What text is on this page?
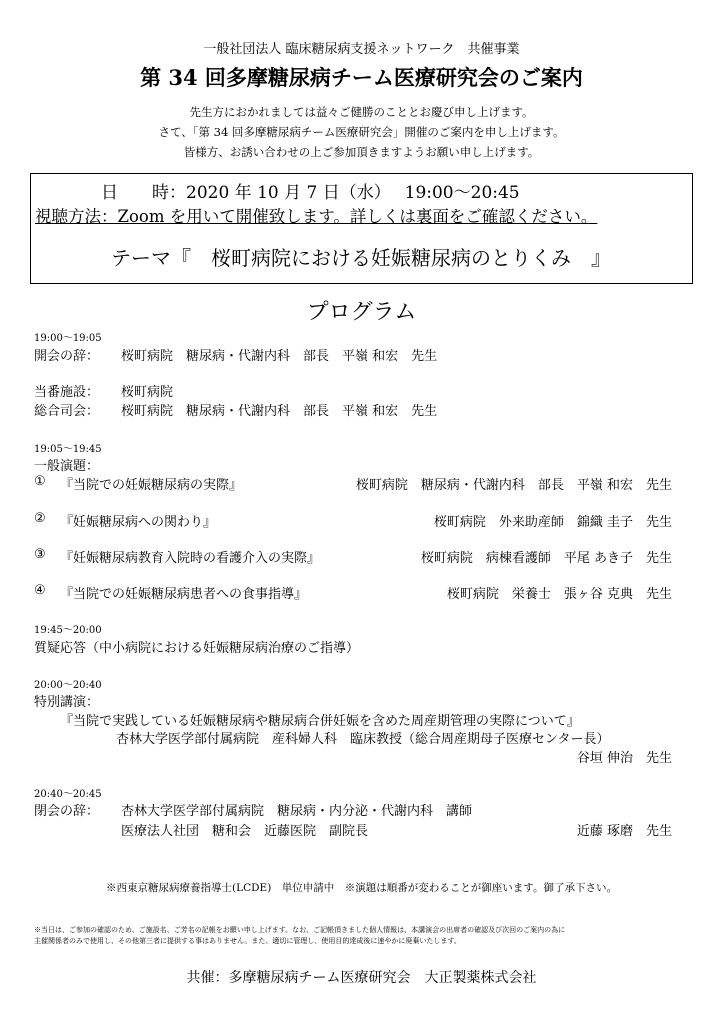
一般社団法人 臨床糖尿病支援ネットワーク　共催事業
第 34 回多摩糖尿病チーム医療研究会のご案内
先生方におかれましては益々ご健勝のこととお慶び申し上げます。
さて、「第 34 回多摩糖尿病チーム医療研究会」開催のご案内を申し上げます。
皆様方、お誘い合わせの上ご参加頂きますようお願い申し上げます。
日　　時： 2020 年 10 月 7 日（水）　 19:00～20:45
視聴方法：Zoom を用いて開催致します。詳しくは裏面をご確認ください。
テーマ『　桜町病院における妊娠糖尿病のとりくみ　』
プログラム
19:00～19:05
開会の辞： 桜町病院　糖尿病・代謝内科　部長　平嶺 和宏　先生
当番施設： 桜町病院
総合司会： 桜町病院　糖尿病・代謝内科　部長　平嶺 和宏　先生
19:05～19:45
一般演題：
① 『当院での妊娠糖尿病の実際』	桜町病院　糖尿病・代謝内科　部長　平嶺 和宏　先生
② 『妊娠糖尿病への関わり』	桜町病院　外来助産師　錦織 圭子　先生
③ 『妊娠糖尿病教育入院時の看護介入の実際』	桜町病院　病棟看護師　平尾 あき子　先生
④ 『当院での妊娠糖尿病患者への食事指導』	桜町病院　栄養士　張ヶ谷 克典　先生
19:45～20:00
質疑応答（中小病院における妊娠糖尿病治療のご指導）
20:00～20:40
特別講演：
『当院で実践している妊娠糖尿病や糖尿病合併妊娠を含めた周産期管理の実際について』
杏林大学医学部付属病院　産科婦人科　臨床教授（総合周産期母子医療センター長）
谷垣 伸治　先生
20:40～20:45
閉会の辞： 杏林大学医学部付属病院　糖尿病・内分泌・代謝内科　講師
医療法人社団　糖和会　近藤医院　副院長	近藤 琢磨　先生
※西東京糖尿病療養指導士(LCDE)　単位申請中　※演題は順番が変わることが御座います。御了承下さい。
※当日は、ご参加の確認のため、ご施設名、ご芳名の記帳をお願い申し上げます。なお、ご記帳頂きました個人情報は、本講演会の出席者の確認及び次回のご案内の為に
主催関係者のみで使用し、その他第三者に提供する事はありません。また、適切に管理し、使用目的達成後に速やかに廃棄いたします。
共催：多摩糖尿病チーム医療研究会　大正製薬株式会社
